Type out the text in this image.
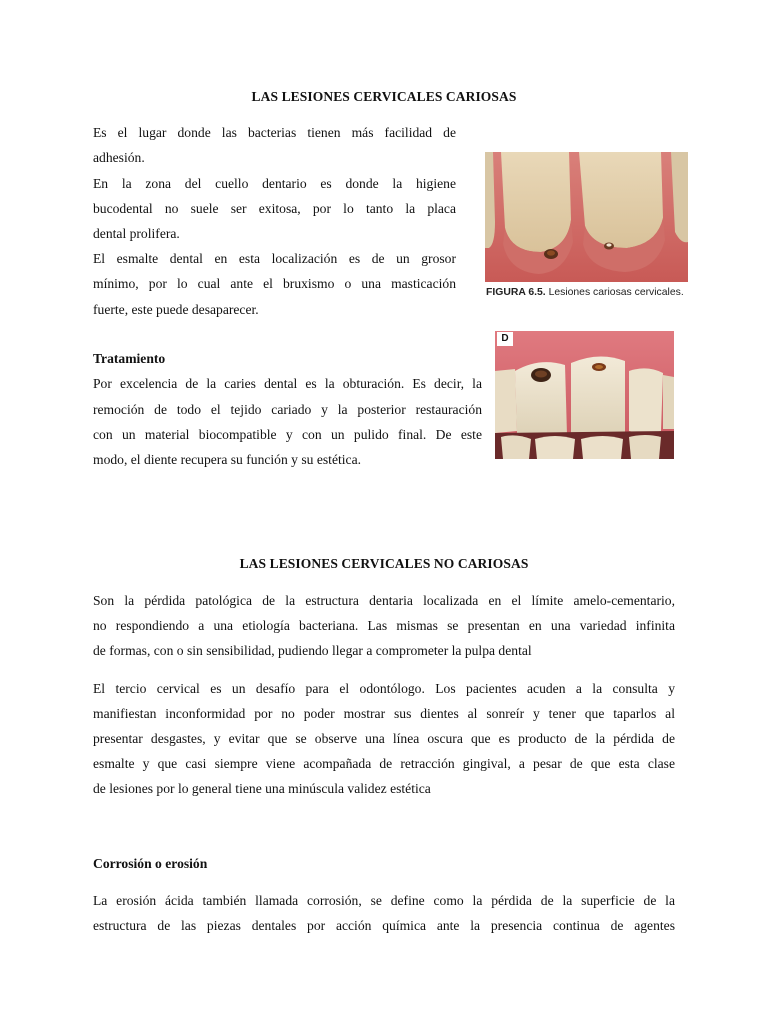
LAS LESIONES CERVICALES CARIOSAS
Es el lugar donde las bacterias tienen más facilidad de
adhesión.
En la zona del cuello dentario es donde la higiene
bucodental no suele ser exitosa, por lo tanto la placa
dental prolifera.
El esmalte dental en esta localización es de un grosor
mínimo, por lo cual ante el bruxismo o una masticación
fuerte, este puede desaparecer.
Tratamiento
Por excelencia de la caries dental es la obturación. Es decir, la
remoción de todo el tejido cariado y la posterior restauración
con un material biocompatible y con un pulido final. De este
modo, el diente recupera su función y su estética.
FIGURA 6.5. Lesiones cariosas cervicales.
D
LAS LESIONES CERVICALES NO CARIOSAS
Son la pérdida patológica de la estructura dentaria localizada en el límite amelo-cementario,
no respondiendo a una etiología bacteriana. Las mismas se presentan en una variedad infinita
de formas, con o sin sensibilidad, pudiendo llegar a comprometer la pulpa dental
El tercio cervical es un desafío para el odontólogo. Los pacientes acuden a la consulta y
manifiestan inconformidad por no poder mostrar sus dientes al sonreír y tener que taparlos al
presentar desgastes, y evitar que se observe una línea oscura que es producto de la pérdida de
esmalte y que casi siempre viene acompañada de retracción gingival, a pesar de que esta clase
de lesiones por lo general tiene una minúscula validez estética
Corrosión o erosión
La erosión ácida también llamada corrosión, se define como la pérdida de la superficie de la
estructura de las piezas dentales por acción química ante la presencia continua de agentes
